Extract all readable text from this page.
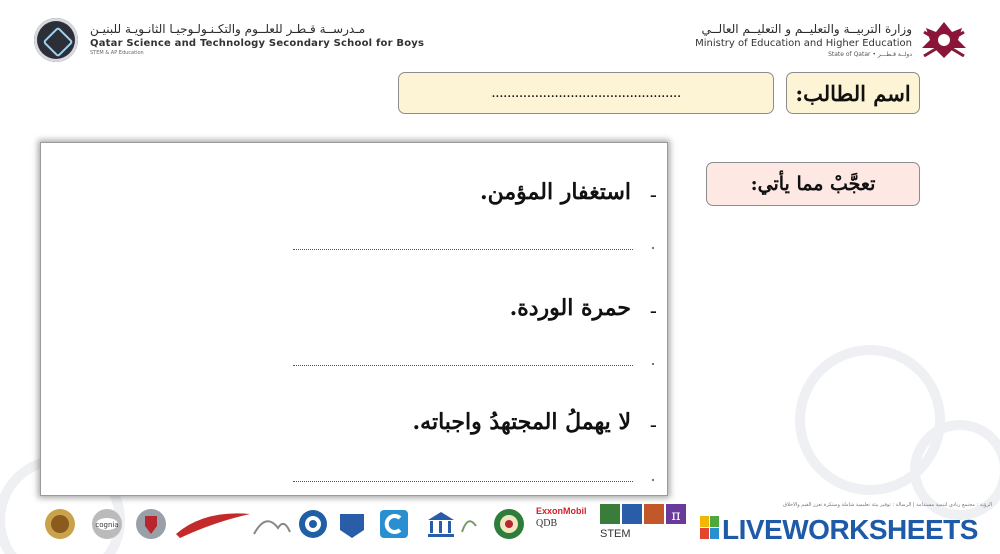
مـدرســة قـطـر للعلــوم والتكـنـولـوجيـا الثانـويـة للبنيـن
Qatar Science and Technology Secondary School for Boys
STEM & AP Education
وزارة التربيــة والتعليــم و التعليــم العالــي
Ministry of Education and Higher Education
State of Qatar • دولــة قـطـــر
اسم الطالب:
................................................
تعجَّبْ مما يأتي:
-
استغفار المؤمن.
-
حمرة الوردة.
-
لا يهملُ المجتهدُ واجباته.
cognia
ExxonMobil
QDB	π
STEM
الرؤية : مجتمع ريادي لتنمية مستدامة | الرسالة : توفير بيئة تعليمية شاملة ومبتكرة تعزز القيم والأخلاق
LIVEWORKSHEETS
